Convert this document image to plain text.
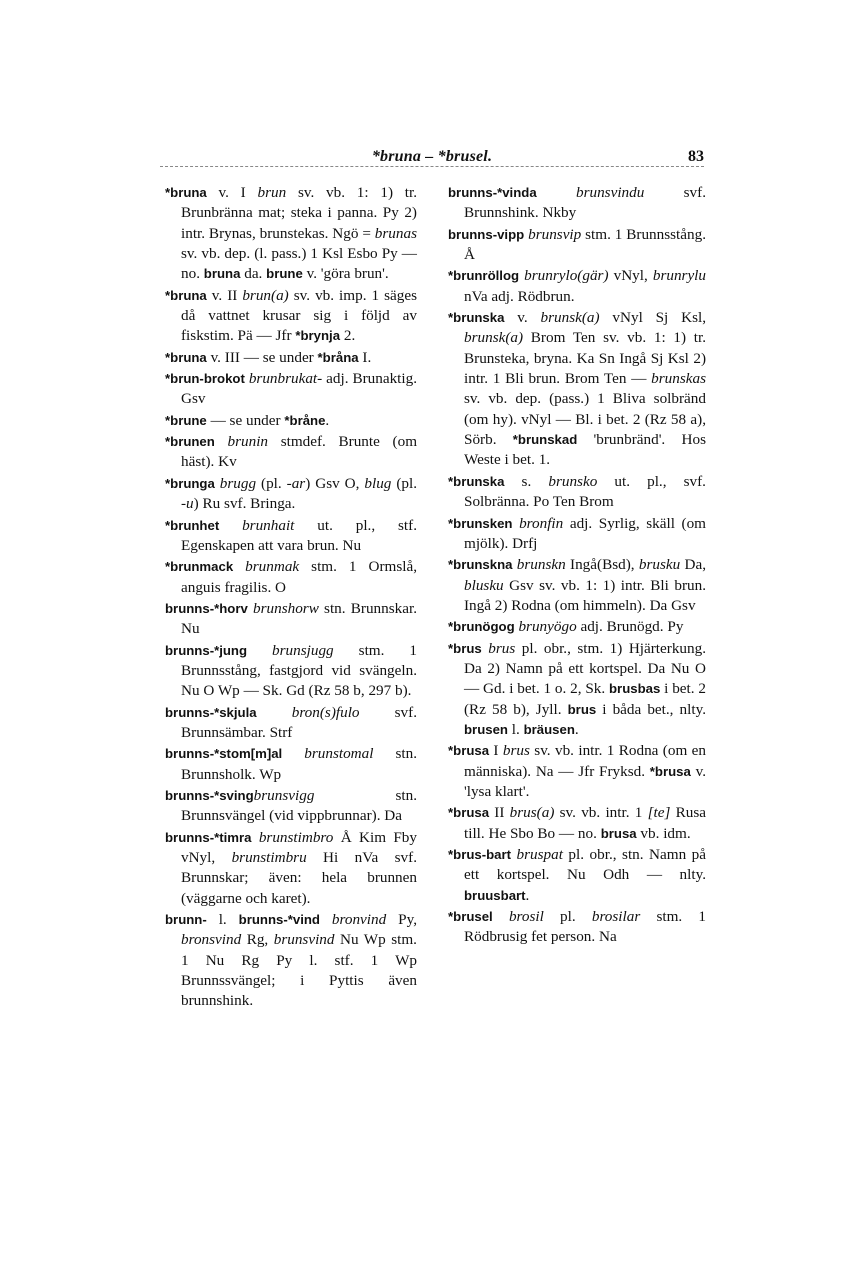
*bruna – *brusel.	83

*bruna v. I brun sv. vb. 1: 1) tr. Brunbränna mat; steka i panna. Py 2) intr. Brynas, brunstekas. Ngö = brunas sv. vb. dep. (l. pass.) 1 Ksl Esbo Py — no. bruna da. brune v. 'göra brun'.

*bruna v. II brun(a) sv. vb. imp. 1 säges då vattnet krusar sig i följd av fiskstim. Pä — Jfr *brynja 2.

*bruna v. III — se under *bråna I.

*brun-brokot brunbrukat- adj. Brunaktig. Gsv

*brune — se under *bråne.

*brunen brunin stmdef. Brunte (om häst). Kv

*brunga brugg (pl. -ar) Gsv O, blug (pl. -u) Ru svf. Bringa.

*brunhet brunhait ut. pl., stf. Egenskapen att vara brun. Nu

*brunmack brunmak stm. 1 Ormslå, anguis fragilis. O

brunns-*horv brunshorw stn. Brunnskar. Nu

brunns-*jung brunsjugg stm. 1 Brunnsstång, fastgjord vid svängeln. Nu O Wp — Sk. Gd (Rz 58 b, 297 b).

brunns-*skjula bron(s)fulo svf. Brunnsämbar. Strf

brunns-*stom[m]al brunstomal stn. Brunnsholk. Wp

brunns-*svingbrunsvigg stn. Brunnsvängel (vid vippbrunnar). Da

brunns-*timra brunstimbro Å Kim Fby vNyl, brunstimbru Hi nVa svf. Brunnskar; även: hela brunnen (väggarne och karet).

brunn- l. brunns-*vind bronvind Py, bronsvind Rg, brunsvind Nu Wp stm. 1 Nu Rg Py l. stf. 1 Wp Brunnssvängel; i Pyttis även brunnshink.

brunns-*vinda	brunsvindu svf. Brunnshink. Nkby

brunns-vipp brunsvip stm. 1 Brunnsstång. Å

*brunröllog brunrylo(gär) vNyl, brunrylu nVa adj. Rödbrun.

*brunska v. brunsk(a) vNyl Sj Ksl, brunsk(a) Brom Ten sv. vb. 1: 1) tr. Brunsteka, bryna. Ka Sn Ingå Sj Ksl 2) intr. 1 Bli brun. Brom Ten — brunskas sv. vb. dep. (pass.) 1 Bliva solbränd (om hy). vNyl — Bl. i bet. 2 (Rz 58 a), Sörb. *brunskad 'brunbränd'. Hos Weste i bet. 1.

*brunska s. brunsko ut. pl., svf. Solbränna. Po Ten Brom

*brunsken bronfin adj. Syrlig, skäll (om mjölk). Drfj

*brunskna brunskn Ingå(Bsd), brusku Da, blusku Gsv sv. vb. 1: 1) intr. Bli brun. Ingå 2) Rodna (om himmeln). Da Gsv

*brunögog brunyögo adj. Brunögd. Py

*brus brus pl. obr., stm. 1) Hjärterkung. Da 2) Namn på ett kortspel. Da Nu O — Gd. i bet. 1 o. 2, Sk. brusbas i bet. 2 (Rz 58 b), Jyll. brus i båda bet., nlty. brusen l. bräusen.

*brusa I brus sv. vb. intr. 1 Rodna (om en människa). Na — Jfr Fryksd. *brusa v. 'lysa klart'.

*brusa II brus(a) sv. vb. intr. 1 [te] Rusa till. He Sbo Bo — no. brusa vb. idm.

*brus-bart bruspat pl. obr., stn. Namn på ett kortspel. Nu Odh — nlty. bruusbart.

*brusel brosil pl. brosilar stm. 1 Rödbrusig fet person. Na
